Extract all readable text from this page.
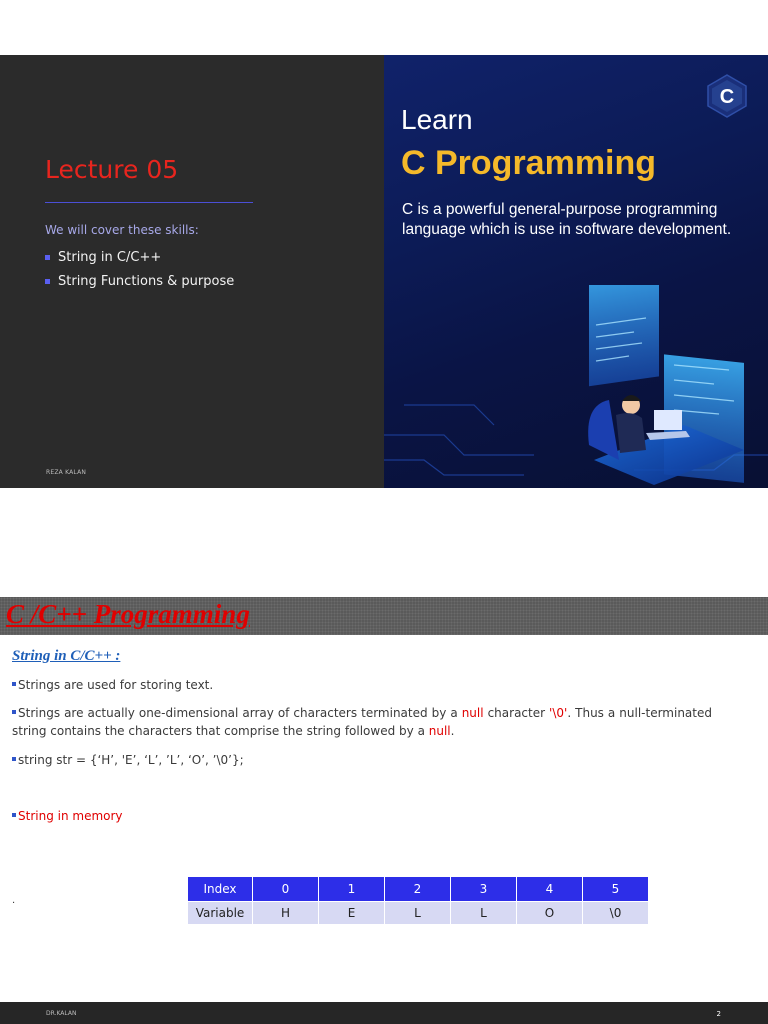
Lecture 05
We will cover these skills:
String in C/C++
String Functions & purpose
REZA KALAN
C
Learn
C Programming
C is a powerful general-purpose programming language which is use in software development.
C /C++ Programming
String in C/C++ :
Strings are used for storing text.
Strings are actually one-dimensional array of characters terminated by a null character '\0'. Thus a null-terminated string contains the characters that comprise the string followed by a null.
string str = {‘H’, 'E’, ‘L’, ’L’, ‘O’, ’\0’};
String in memory
.
Index	0	1	2	3	4	5
Variable	H	E	L	L	O	\0
DR.KALAN	2
